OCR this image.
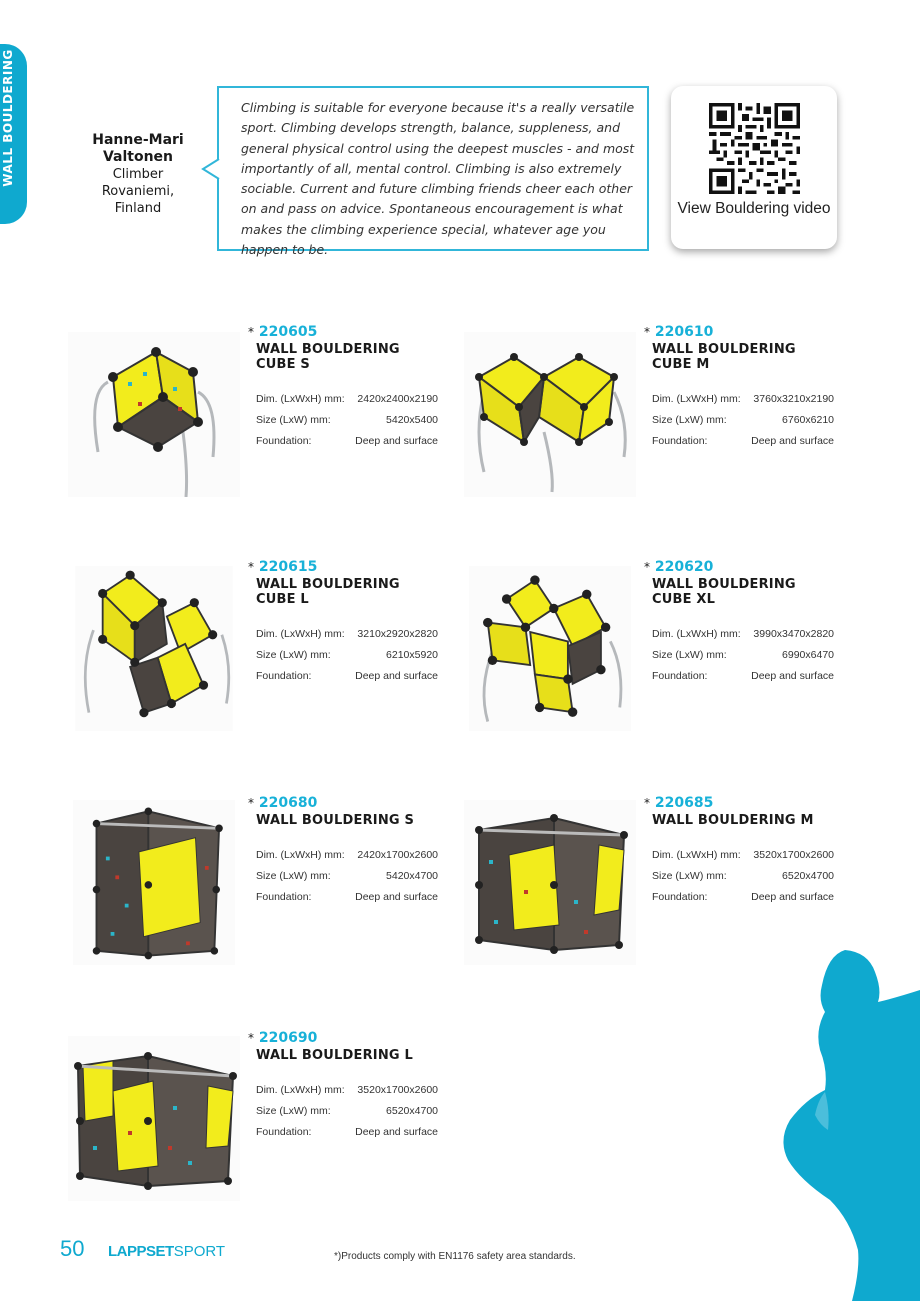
WALL BOULDERING	Hanne-Mari Valtonen
Climber
Rovaniemi, Finland
Climbing is suitable for everyone because it's a really versatile sport. Climbing develops strength, balance, suppleness, and general physical control using the deepest muscles - and most importantly of all, mental control. Climbing is also extremely sociable. Current and future climbing friends cheer each other on and pass on advice. Spontaneous encouragement is what makes the climbing experience special, whatever age you happen to be.
View Bouldering video
* 220605
WALL BOULDERING CUBE S
Dim. (LxWxH) mm: 2420x2400x2190
Size (LxW) mm:	5420x5400
Foundation:	Deep and surface
* 220610
WALL BOULDERING CUBE M
Dim. (LxWxH) mm: 3760x3210x2190
Size (LxW) mm:	6760x6210
Foundation:	Deep and surface
* 220615
WALL BOULDERING CUBE L
Dim. (LxWxH) mm: 3210x2920x2820
Size (LxW) mm:	6210x5920
Foundation:	Deep and surface
* 220620
WALL BOULDERING CUBE XL
Dim. (LxWxH) mm: 3990x3470x2820
Size (LxW) mm:	6990x6470
Foundation:	Deep and surface
* 220680
WALL BOULDERING S
Dim. (LxWxH) mm: 2420x1700x2600
Size (LxW) mm:	5420x4700
Foundation:	Deep and surface
* 220685
WALL BOULDERING M
Dim. (LxWxH) mm: 3520x1700x2600
Size (LxW) mm:	6520x4700
Foundation:	Deep and surface
* 220690
WALL BOULDERING L
Dim. (LxWxH) mm: 3520x1700x2600
Size (LxW) mm:	6520x4700
Foundation:	Deep and surface
50 LAPPSETSPORT	*)Products comply with EN1176 safety area standards.
